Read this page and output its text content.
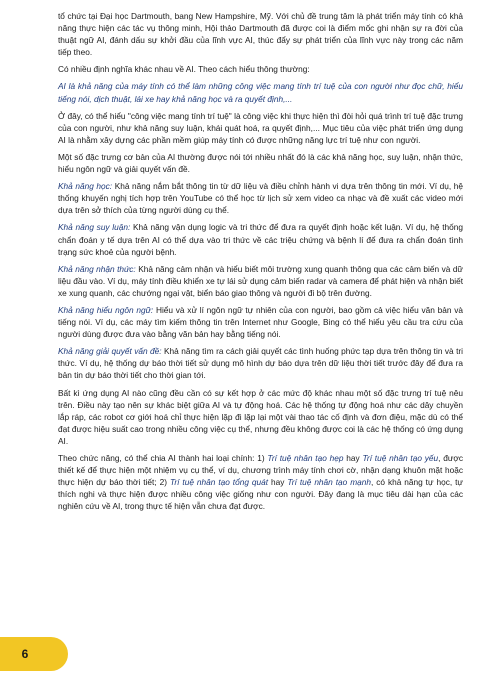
tổ chức tại Đại học Dartmouth, bang New Hampshire, Mỹ. Với chủ đề trung tâm là phát triển máy tính có khả năng thực hiện các tác vụ thông minh, Hội thảo Dartmouth đã được coi là điểm mốc ghi nhận sự ra đời của thuật ngữ AI, đánh dấu sự khởi đầu của lĩnh vực AI, thúc đẩy sự phát triển của lĩnh vực này trong các năm tiếp theo.

Có nhiều định nghĩa khác nhau về AI. Theo cách hiểu thông thường:

AI là khả năng của máy tính có thể làm những công việc mang tính trí tuệ của con người như đọc chữ, hiểu tiếng nói, dịch thuật, lái xe hay khả năng học và ra quyết định,...

Ở đây, có thể hiểu "công việc mang tính trí tuệ" là công việc khi thực hiện thì đòi hỏi quá trình trí tuệ đặc trưng của con người, như khả năng suy luận, khái quát hoá, ra quyết định,... Mục tiêu của việc phát triển ứng dụng AI là nhằm xây dựng các phần mềm giúp máy tính có được những năng lực trí tuệ như con người.

Một số đặc trưng cơ bản của AI thường được nói tới nhiều nhất đó là các khả năng học, suy luận, nhận thức, hiểu ngôn ngữ và giải quyết vấn đề.

Khả năng học: Khả năng nắm bắt thông tin từ dữ liệu và điều chỉnh hành vi dựa trên thông tin mới. Ví dụ, hệ thống khuyến nghị tích hợp trên YouTube có thể học từ lịch sử xem video ca nhạc và đề xuất các video mới dựa trên sở thích của từng người dùng cụ thể.

Khả năng suy luận: Khả năng vận dụng logic và tri thức để đưa ra quyết định hoặc kết luận. Ví dụ, hệ thống chẩn đoán y tế dựa trên AI có thể dựa vào tri thức về các triệu chứng và bệnh lí để đưa ra chẩn đoán tình trạng sức khoẻ của người bệnh.

Khả năng nhận thức: Khả năng cảm nhận và hiểu biết môi trường xung quanh thông qua các cảm biến và dữ liệu đầu vào. Ví dụ, máy tính điều khiển xe tự lái sử dụng cảm biến radar và camera để phát hiện và nhận biết xe xung quanh, các chướng ngại vật, biển báo giao thông và người đi bộ trên đường.

Khả năng hiểu ngôn ngữ: Hiểu và xử lí ngôn ngữ tự nhiên của con người, bao gồm cả việc hiểu văn bản và tiếng nói. Ví dụ, các máy tìm kiếm thông tin trên Internet như Google, Bing có thể hiểu yêu cầu tra cứu của người dùng được đưa vào bằng văn bản hay bằng tiếng nói.

Khả năng giải quyết vấn đề: Khả năng tìm ra cách giải quyết các tình huống phức tạp dựa trên thông tin và tri thức. Ví dụ, hệ thống dự báo thời tiết sử dụng mô hình dự báo dựa trên dữ liệu thời tiết trước đây để đưa ra bản tin dự báo thời tiết cho thời gian tới.

Bất kì ứng dụng AI nào cũng đều cần có sự kết hợp ở các mức độ khác nhau một số đặc trưng trí tuệ nêu trên. Điều này tạo nên sự khác biệt giữa AI và tự động hoá. Các hệ thống tự động hoá như các dây chuyền lắp ráp, các robot cơ giới hoá chỉ thực hiện lặp đi lặp lại một vài thao tác cố định và đơn điệu, mặc dù có thể đạt được hiệu suất cao trong nhiều công việc cụ thể, nhưng đều không được coi là các hệ thống có ứng dụng AI.

Theo chức năng, có thể chia AI thành hai loại chính: 1) Trí tuệ nhân tạo hẹp hay Trí tuệ nhân tạo yếu, được thiết kế để thực hiện một nhiệm vụ cụ thể, ví dụ, chương trình máy tính chơi cờ, nhận dạng khuôn mặt hoặc thực hiện dự báo thời tiết; 2) Trí tuệ nhân tạo tổng quát hay Trí tuệ nhân tạo mạnh, có khả năng tự học, tự thích nghi và thực hiện được nhiều công việc giống như con người. Đây đang là mục tiêu dài hạn của các nghiên cứu về AI, trong thực tế hiện vẫn chưa đạt được.

6
